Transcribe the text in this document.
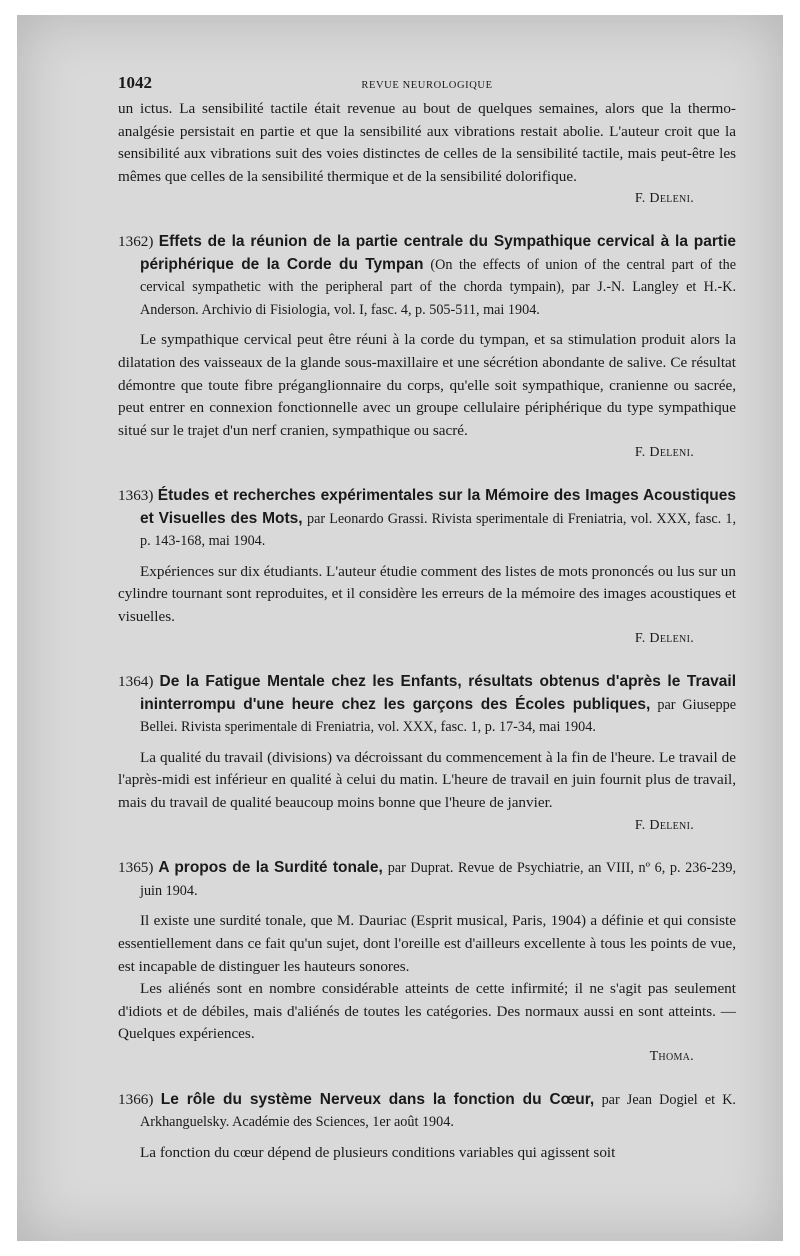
1042	REVUE NEUROLOGIQUE

un ictus. La sensibilité tactile était revenue au bout de quelques semaines, alors que la thermo-analgésie persistait en partie et que la sensibilité aux vibrations restait abolie. L'auteur croit que la sensibilité aux vibrations suit des voies distinctes de celles de la sensibilité tactile, mais peut-être les mêmes que celles de la sensibilité thermique et de la sensibilité dolorifique.

F. Deleni.

1362) Effets de la réunion de la partie centrale du Sympathique cervical à la partie périphérique de la Corde du Tympan (On the effects of union of the central part of the cervical sympathetic with the peripheral part of the chorda tympain), par J.-N. Langley et H.-K. Anderson. Archivio di Fisiologia, vol. I, fasc. 4, p. 505-511, mai 1904.

Le sympathique cervical peut être réuni à la corde du tympan, et sa stimulation produit alors la dilatation des vaisseaux de la glande sous-maxillaire et une sécrétion abondante de salive. Ce résultat démontre que toute fibre préganglionnaire du corps, qu'elle soit sympathique, cranienne ou sacrée, peut entrer en connexion fonctionnelle avec un groupe cellulaire périphérique du type sympathique situé sur le trajet d'un nerf cranien, sympathique ou sacré.

F. Deleni.

1363) Études et recherches expérimentales sur la Mémoire des Images Acoustiques et Visuelles des Mots, par Leonardo Grassi. Rivista sperimentale di Freniatria, vol. XXX, fasc. 1, p. 143-168, mai 1904.

Expériences sur dix étudiants. L'auteur étudie comment des listes de mots prononcés ou lus sur un cylindre tournant sont reproduites, et il considère les erreurs de la mémoire des images acoustiques et visuelles.

F. Deleni.

1364) De la Fatigue Mentale chez les Enfants, résultats obtenus d'après le Travail ininterrompu d'une heure chez les garçons des Écoles publiques, par Giuseppe Bellei. Rivista sperimentale di Freniatria, vol. XXX, fasc. 1, p. 17-34, mai 1904.

La qualité du travail (divisions) va décroissant du commencement à la fin de l'heure. Le travail de l'après-midi est inférieur en qualité à celui du matin. L'heure de travail en juin fournit plus de travail, mais du travail de qualité beaucoup moins bonne que l'heure de janvier.

F. Deleni.

1365) A propos de la Surdité tonale, par Duprat. Revue de Psychiatrie, an VIII, nº 6, p. 236-239, juin 1904.

Il existe une surdité tonale, que M. Dauriac (Esprit musical, Paris, 1904) a définie et qui consiste essentiellement dans ce fait qu'un sujet, dont l'oreille est d'ailleurs excellente à tous les points de vue, est incapable de distinguer les hauteurs sonores.

Les aliénés sont en nombre considérable atteints de cette infirmité; il ne s'agit pas seulement d'idiots et de débiles, mais d'aliénés de toutes les catégories. Des normaux aussi en sont atteints. — Quelques expériences.

Thoma.

1366) Le rôle du système Nerveux dans la fonction du Cœur, par Jean Dogiel et K. Arkhanguelsky. Académie des Sciences, 1er août 1904.

La fonction du cœur dépend de plusieurs conditions variables qui agissent soit
